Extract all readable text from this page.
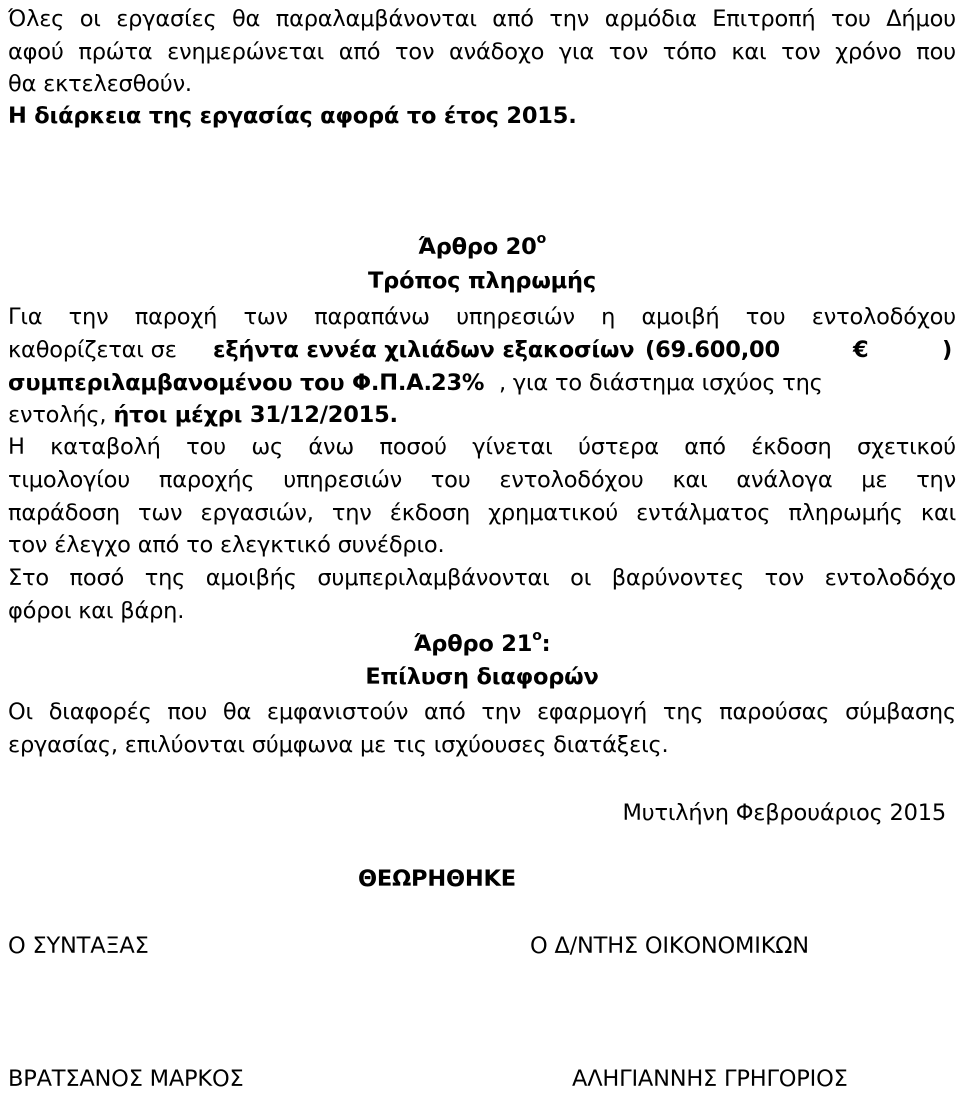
Όλες οι εργασίες θα παραλαμβάνονται από την αρμόδια Επιτροπή του Δήμου
αφού πρώτα ενημερώνεται από τον ανάδοχο για τον τόπο και τον χρόνο που
θα εκτελεσθούν.
Η διάρκεια της εργασίας αφορά το έτος 2015.
Άρθρο $20^o$
Τρόπος πληρωμής
Για την παροχή των παραπάνω υπηρεσιών η αμοιβή του εντολοδόχου
καθορίζεται σε εξήντα εννέα χιλιάδων εξακοσίων (69.600,00	€	)
συμπεριλαμβανομένου του Φ.Π.Α. 23% , για το διάστημα ισχύος της
εντολής, ήτοι μέχρι 31/12/2015.
Η καταβολή του ως άνω ποσού γίνεται ύστερα από έκδοση σχετικού
τιμολογίου παροχής υπηρεσιών του εντολοδόχου και ανάλογα με την
παράδοση των εργασιών, την έκδοση χρηματικού εντάλματος πληρωμής και
τον έλεγχο από το ελεγκτικό συνέδριο.
Στο ποσό της αμοιβής συμπεριλαμβάνονται οι βαρύνοντες τον εντολοδόχο
φόροι και βάρη.
Άρθρο $21^o$:
Επίλυση διαφορών
Οι διαφορές που θα εμφανιστούν από την εφαρμογή της παρούσας σύμβασης
εργασίας, επιλύονται σύμφωνα με τις ισχύουσες διατάξεις.
Μυτιλήνη Φεβρουάριος 2015
ΘΕΩΡΗΘΗΚΕ
Ο ΣΥΝΤΑΞΑΣ	Ο Δ/ΝΤΗΣ ΟΙΚΟΝΟΜΙΚΩΝ
ΒΡΑΤΣΑΝΟΣ ΜΑΡΚΟΣ	ΑΛΗΓΙΑΝΝΗΣ ΓΡΗΓΟΡΙΟΣ
